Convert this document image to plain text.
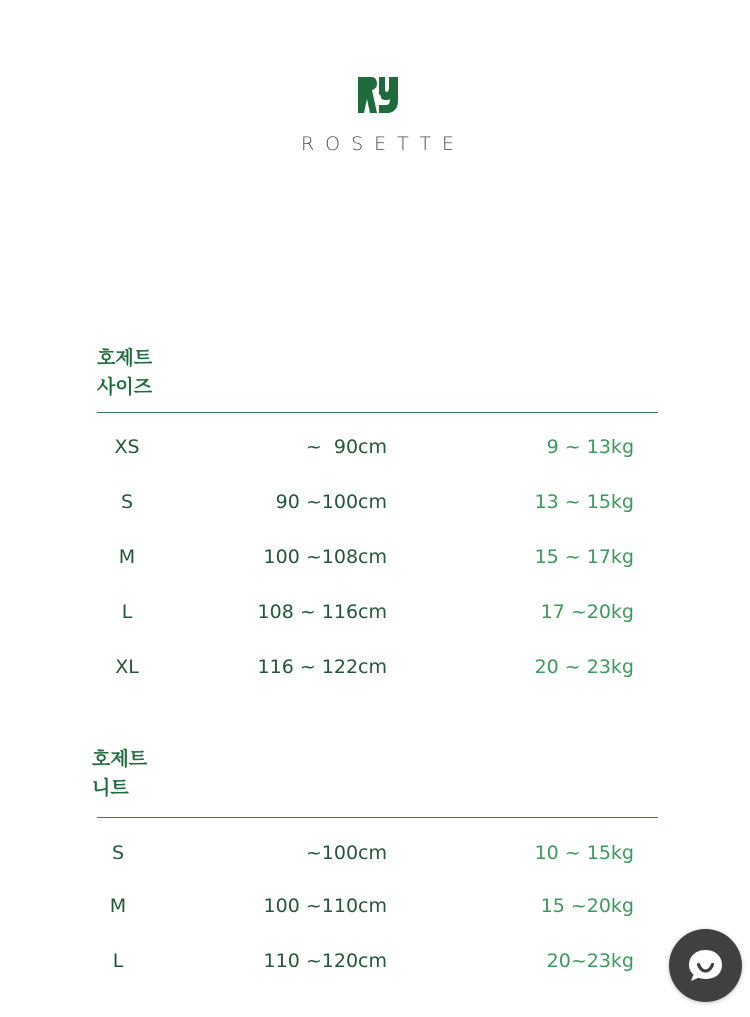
ROSETTE
호제트
사이즈
XS	~  90cm	9 ~ 13kg
S	90 ~100cm	13 ~ 15kg
M	100 ~108cm	15 ~ 17kg
L	108 ~ 116cm	17 ~20kg
XL	116 ~ 122cm	20 ~ 23kg
호제트
니트
S	~100cm	10 ~ 15kg
M	100 ~110cm	15 ~20kg
L	110 ~120cm	20~23kg
